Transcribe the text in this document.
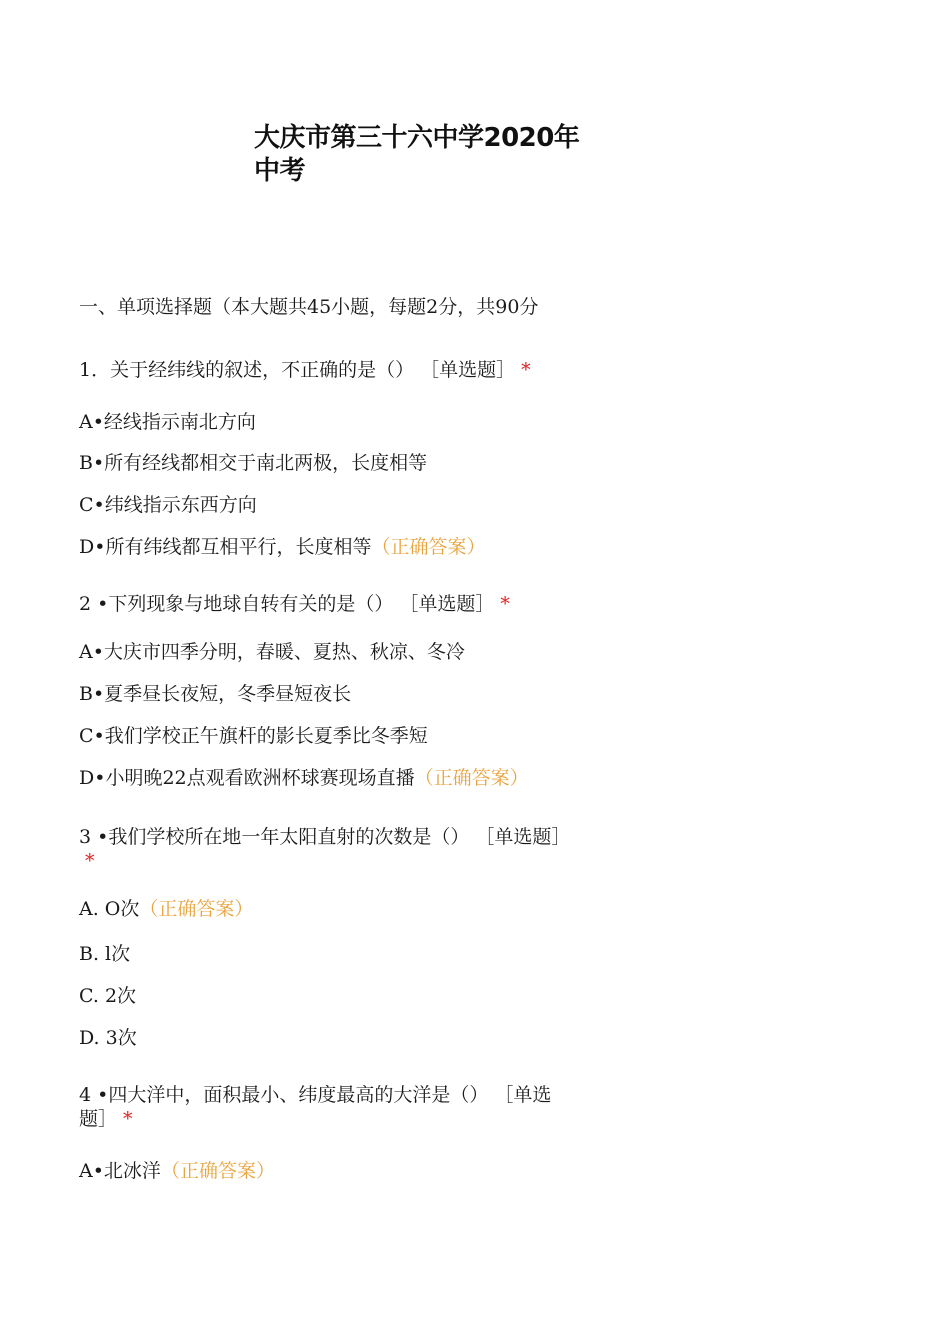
大庆市第三十六中学2020年中考
一、单项选择题（本大题共45小题，每题2分，共90分
1．关于经纬线的叙述，不正确的是（） ［单选题］ *
A•经线指示南北方向
B•所有经线都相交于南北两极，长度相等
C•纬线指示东西方向
D•所有纬线都互相平行，长度相等（正确答案）
2 •下列现象与地球自转有关的是（） ［单选题］ *
A•大庆市四季分明，春暖、夏热、秋凉、冬冷
B•夏季昼长夜短，冬季昼短夜长
C•我们学校正午旗杆的影长夏季比冬季短
D•小明晚22点观看欧洲杯球赛现场直播（正确答案）
3 •我们学校所在地一年太阳直射的次数是（） ［单选题］*
A. O次（正确答案）
B. l次
C. 2次
D. 3次
4 •四大洋中，面积最小、纬度最高的大洋是（） ［单选题］ *
A•北冰洋（正确答案）
